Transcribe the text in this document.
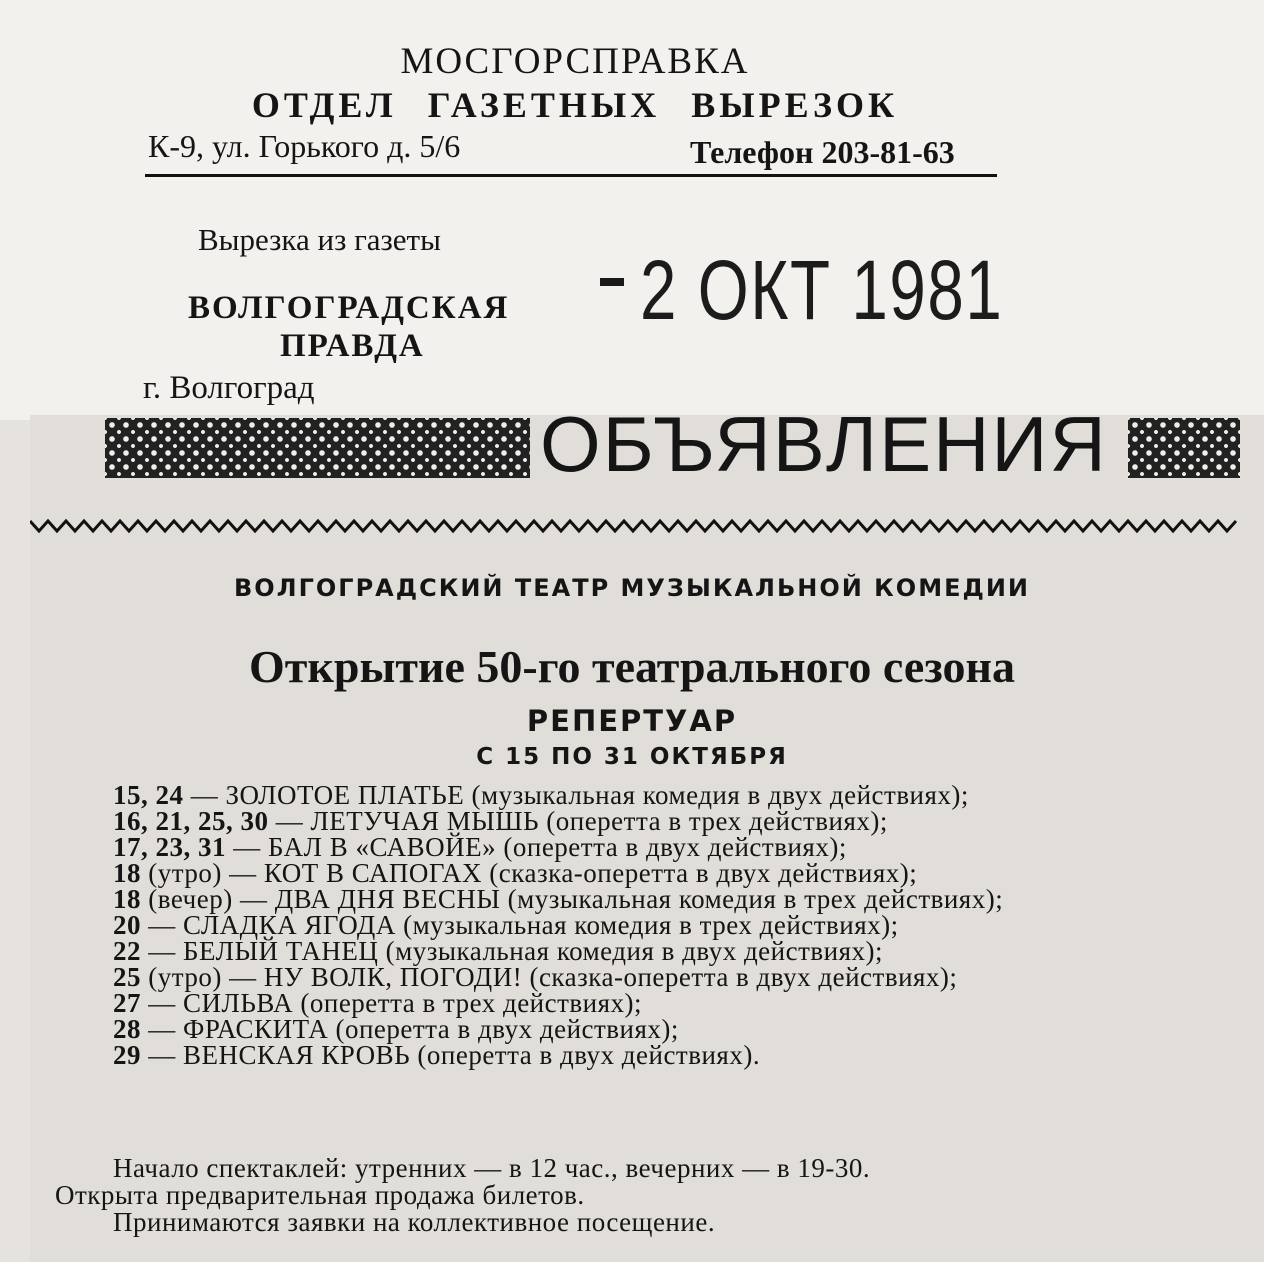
МОСГОРСПРАВКА
ОТДЕЛ ГАЗЕТНЫХ ВЫРЕЗОК
К-9, ул. Горького д. 5/6	Телефон 203-81-63
Вырезка из газеты
ВОЛГОГРАДСКАЯ
ПРАВДА
г. Волгоград
2 ОКТ 1981
ОБЪЯВЛЕНИЯ
ВОЛГОГРАДСКИЙ ТЕАТР МУЗЫКАЛЬНОЙ КОМЕДИИ
Открытие 50-го театрального сезона
РЕПЕРТУАР
С 15 ПО 31 ОКТЯБРЯ
15, 24 — ЗОЛОТОЕ ПЛАТЬЕ (музыкальная комедия в двух действиях);
16, 21, 25, 30 — ЛЕТУЧАЯ МЫШЬ (оперетта в трех действиях);
17, 23, 31 — БАЛ В «САВОЙЕ» (оперетта в двух действиях);
18 (утро) — КОТ В САПОГАХ (сказка-оперетта в двух действиях);
18 (вечер) — ДВА ДНЯ ВЕСНЫ (музыкальная комедия в трех действиях);
20 — СЛАДКА ЯГОДА (музыкальная комедия в трех действиях);
22 — БЕЛЫЙ ТАНЕЦ (музыкальная комедия в двух действиях);
25 (утро) — НУ ВОЛК, ПОГОДИ! (сказка-оперетта в двух действиях);
27 — СИЛЬВА (оперетта в трех действиях);
28 — ФРАСКИТА (оперетта в двух действиях);
29 — ВЕНСКАЯ КРОВЬ (оперетта в двух действиях).
Начало спектаклей: утренних — в 12 час., вечерних — в 19-30.
Открыта предварительная продажа билетов.
Принимаются заявки на коллективное посещение.
